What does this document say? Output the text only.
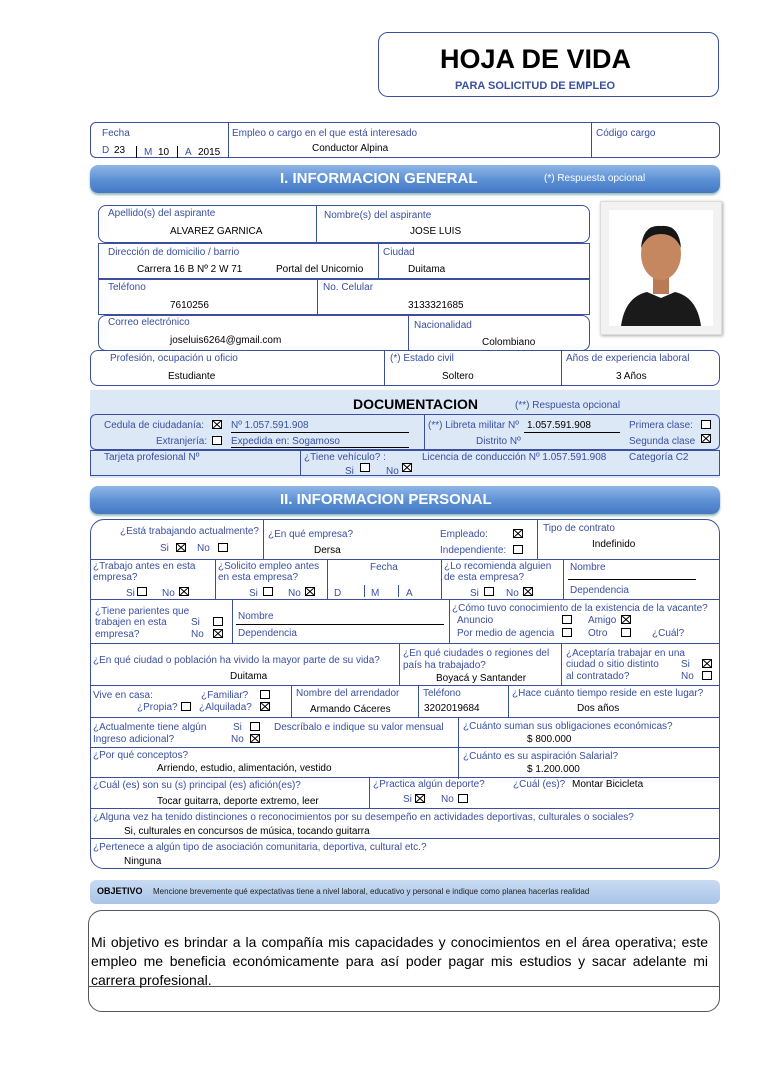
HOJA DE VIDA
PARA SOLICITUD DE EMPLEO
Fecha
D 23 M 10 A 2015
Empleo o cargo en el que está interesado
Conductor Alpina
Código cargo
I. INFORMACION GENERAL	(*) Respuesta opcional
Apellido(s) del aspirante
ALVAREZ GARNICA
Nombre(s) del aspirante
JOSE LUIS
Dirección de domicilio / barrio
Carrera 16 B Nº 2 W 71	Portal del Unicornio
Ciudad
Duitama
Teléfono
7610256
No. Celular
3133321685
Correo electrónico
joseluis6264@gmail.com
Nacionalidad
Colombiano
Profesión, ocupación u oficio
Estudiante
(*) Estado civil
Soltero
Años de experiencia laboral
3 Años
DOCUMENTACION	(**) Respuesta opcional
Cedula de ciudadanía:	Nº 1.057.591.908
Extranjería: Expedida en: Sogamoso
(**) Libreta militar Nº 1.057.591.908
Distrito Nº
Primera clase:
Segunda clase
Tarjeta profesional Nº	¿Tiene vehículo? :
Si	No
Licencia de conducción Nº 1.057.591.908 Categoría C2
II. INFORMACION PERSONAL
¿Está trabajando actualmente?
Si	No
¿En qué empresa?
Dersa
Empleado:
Independiente:
Tipo de contrato
Indefinido
¿Trabajo antes en esta
empresa?
Si	No
¿Solicito empleo antes
en esta empresa?
Si	No
Fecha
D	M	A
¿Lo recomienda alguien
de esta empresa?
Si	No
Nombre
Dependencia
¿Tiene parientes que
trabajen en esta Si
empresa?	No
Nombre
Dependencia
¿Cómo tuvo conocimiento de la existencia de la vacante?
Anuncio	Amigo
Por medio de agencia	Otro	¿Cuál?
¿En qué ciudad o población ha vivido la mayor parte de su vida?
Duitama
¿En qué ciudades o regiones del
país ha trabajado?
Boyacá y Santander
¿Aceptaría trabajar en una
ciudad o sitio distinto Si
al contratado?	No
Vive en casa:	¿Familiar?
¿Propia? ¿Alquilada?
Nombre del arrendador
Armando Cáceres
Teléfono
3202019684
¿Hace cuánto tiempo reside en este lugar?
Dos años
¿Actualmente tiene algún	Si	Descríbalo e indique su valor mensual
Ingreso adicional?	No
¿Cuánto suman sus obligaciones económicas?
$ 800.000
¿Por qué conceptos?
Arriendo, estudio, alimentación, vestido
¿Cuánto es su aspiración Salarial?
$ 1.200.000
¿Cuál (es) son su (s) principal (es) afición(es)?
Tocar guitarra, deporte extremo, leer
¿Practica algún deporte?
Si	No
¿Cuál (es)? Montar Bicicleta
¿Alguna vez ha tenido distinciones o reconocimientos por su desempeño en actividades deportivas, culturales o sociales?
Si, culturales en concursos de música, tocando guitarra
¿Pertenece a algún tipo de asociación comunitaria, deportiva, cultural etc.?
Ninguna
OBJETIVO Mencione brevemente qué expectativas tiene a nivel laboral, educativo y personal e indique como planea hacerlas realidad
Mi objetivo es brindar a la compañía mis capacidades y conocimientos en el área operativa; este empleo me beneficia económicamente para así poder pagar mis estudios y sacar adelante mi carrera profesional.
